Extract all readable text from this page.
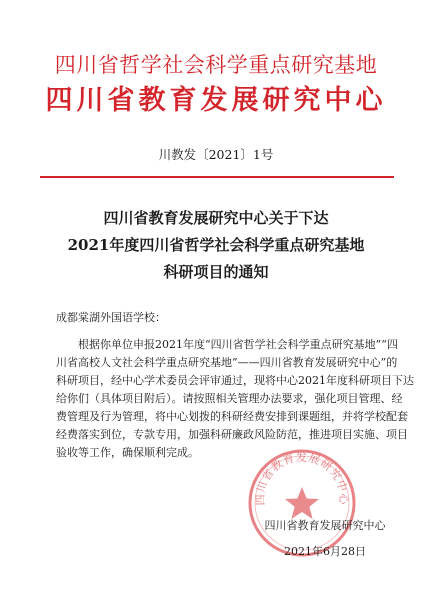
四川省哲学社会科学重点研究基地
四川省教育发展研究中心
川教发〔2021〕1号
四川省教育发展研究中心关于下达
2021年度四川省哲学社会科学重点研究基地
科研项目的通知
成都棠湖外国语学校：
　　根据你单位申报2021年度“四川省哲学社会科学重点研究基地”“四
川省高校人文社会科学重点研究基地”——四川省教育发展研究中心”的
科研项目，经中心学术委员会评审通过，现将中心2021年度科研项目下达
给你们（具体项目附后）。请按照相关管理办法要求，强化项目管理、经
费管理及行为管理，将中心划拨的科研经费安排到课题组，并将学校配套
经费落实到位，专款专用，加强科研廉政风险防范，推进项目实施、项目
验收等工作，确保顺利完成。
四川省教育发展研究中心
四川省教育发展研究中心
2021年6月28日
